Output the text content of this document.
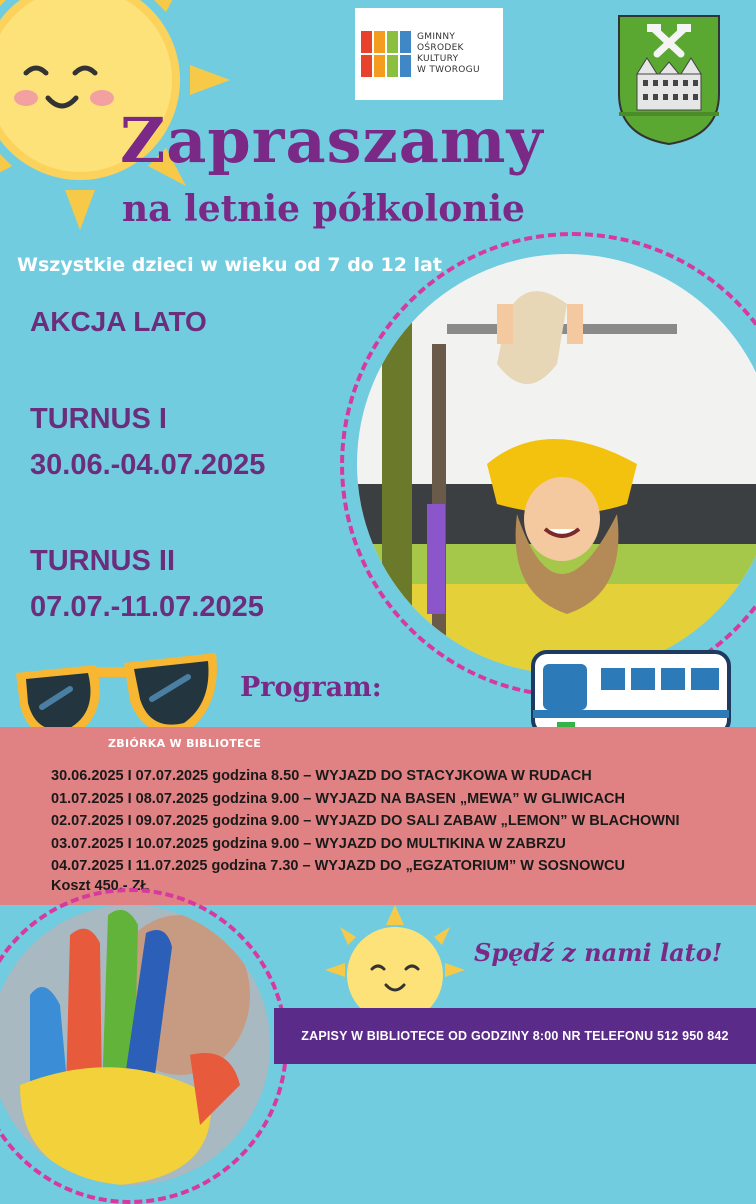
GMINNY
OŚRODEK
KULTURY
W TWOROGU
Zapraszamy
na letnie półkolonie
Wszystkie dzieci w wieku od 7 do 12 lat
AKCJA LATO
TURNUS I
30.06.-04.07.2025
TURNUS II
07.07.-11.07.2025
Program:
ZBIÓRKA W BIBLIOTECE
30.06.2025 I 07.07.2025 godzina 8.50 – WYJAZD DO STACYJKOWA W RUDACH
01.07.2025 I 08.07.2025 godzina 9.00 – WYJAZD NA BASEN „MEWA” W GLIWICACH
02.07.2025 I 09.07.2025 godzina 9.00 – WYJAZD DO SALI ZABAW „LEMON” W BLACHOWNI
03.07.2025 I 10.07.2025 godzina 9.00 – WYJAZD DO MULTIKINA W ZABRZU
04.07.2025 I 11.07.2025 godzina 7.30 – WYJAZD DO „EGZATORIUM” W SOSNOWCU
Koszt 450,- ZŁ
Spędź z nami lato!
ZAPISY W BIBLIOTECE OD GODZINY 8:00 NR TELEFONU 512 950 842
